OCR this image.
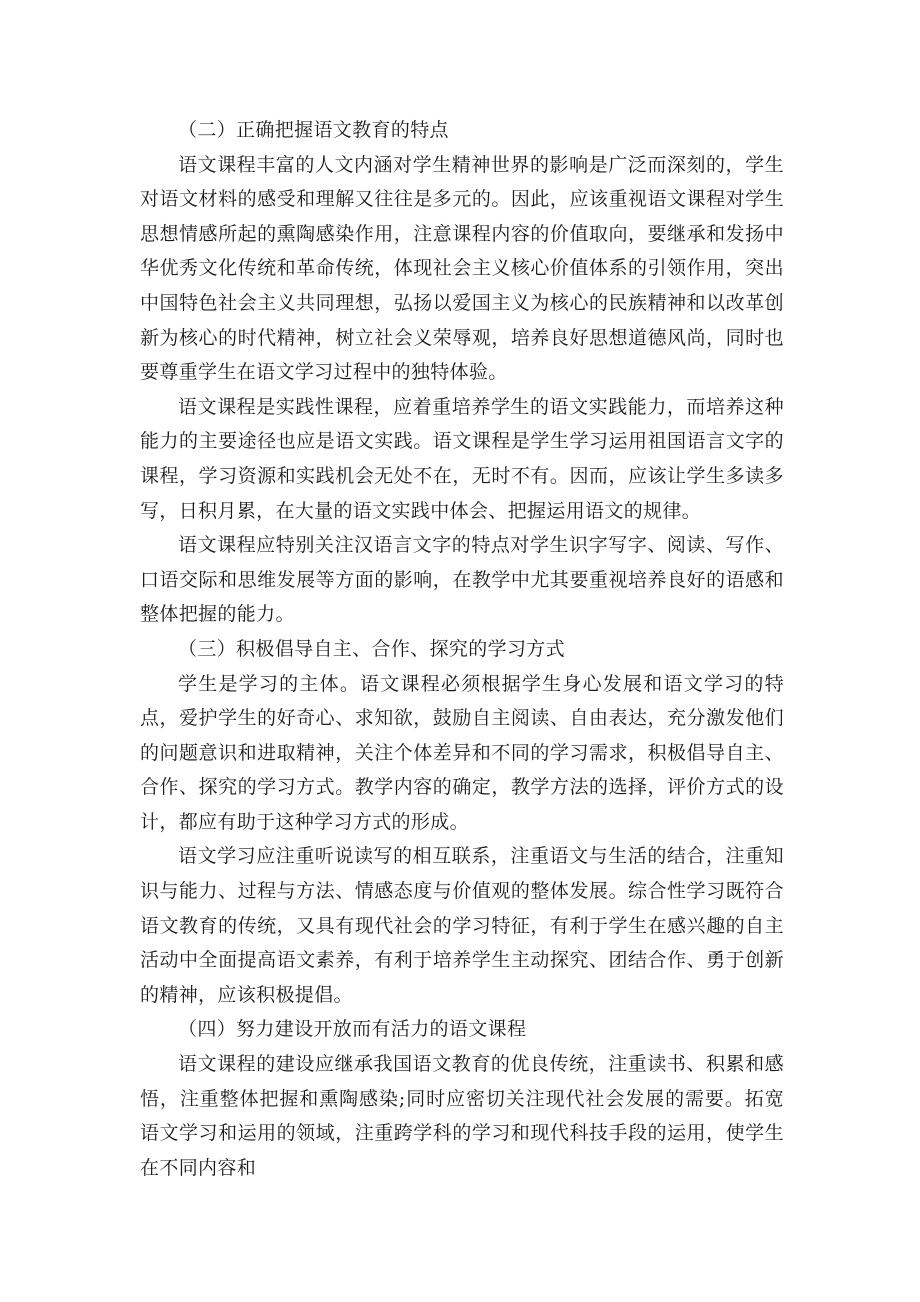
（二）正确把握语文教育的特点

语文课程丰富的人文内涵对学生精神世界的影响是广泛而深刻的，学生对语文材料的感受和理解又往往是多元的。因此，应该重视语文课程对学生思想情感所起的熏陶感染作用，注意课程内容的价值取向，要继承和发扬中华优秀文化传统和革命传统，体现社会主义核心价值体系的引领作用，突出中国特色社会主义共同理想，弘扬以爱国主义为核心的民族精神和以改革创新为核心的时代精神，树立社会义荣辱观，培养良好思想道德风尚，同时也要尊重学生在语文学习过程中的独特体验。

语文课程是实践性课程，应着重培养学生的语文实践能力，而培养这种能力的主要途径也应是语文实践。语文课程是学生学习运用祖国语言文字的课程，学习资源和实践机会无处不在，无时不有。因而，应该让学生多读多写，日积月累，在大量的语文实践中体会、把握运用语文的规律。

语文课程应特别关注汉语言文字的特点对学生识字写字、阅读、写作、口语交际和思维发展等方面的影响，在教学中尤其要重视培养良好的语感和整体把握的能力。

（三）积极倡导自主、合作、探究的学习方式

学生是学习的主体。语文课程必须根据学生身心发展和语文学习的特点，爱护学生的好奇心、求知欲，鼓励自主阅读、自由表达，充分激发他们的问题意识和进取精神，关注个体差异和不同的学习需求，积极倡导自主、合作、探究的学习方式。教学内容的确定，教学方法的选择，评价方式的设计，都应有助于这种学习方式的形成。

语文学习应注重听说读写的相互联系，注重语文与生活的结合，注重知识与能力、过程与方法、情感态度与价值观的整体发展。综合性学习既符合语文教育的传统，又具有现代社会的学习特征，有利于学生在感兴趣的自主活动中全面提高语文素养，有利于培养学生主动探究、团结合作、勇于创新的精神，应该积极提倡。

（四）努力建设开放而有活力的语文课程

语文课程的建设应继承我国语文教育的优良传统，注重读书、积累和感悟，注重整体把握和熏陶感染;同时应密切关注现代社会发展的需要。拓宽语文学习和运用的领域，注重跨学科的学习和现代科技手段的运用，使学生在不同内容和
